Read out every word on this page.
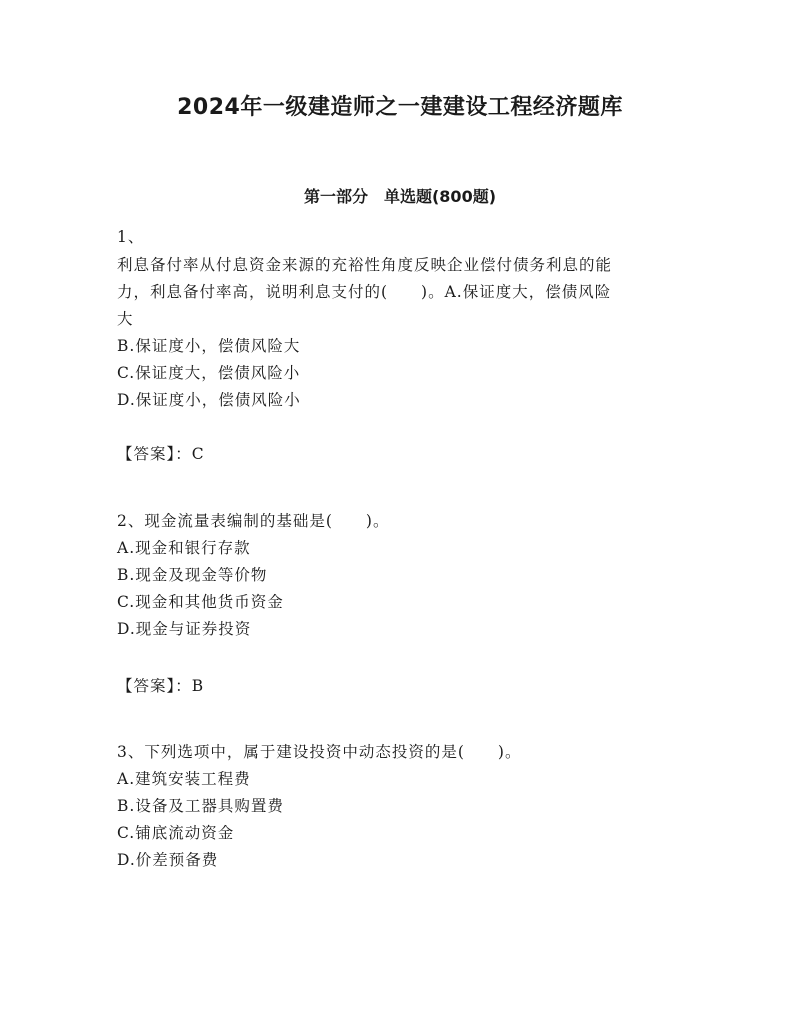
2024年一级建造师之一建建设工程经济题库
第一部分　单选题(800题)
1、
利息备付率从付息资金来源的充裕性角度反映企业偿付债务利息的能
力，利息备付率高，说明利息支付的(　　)。A.保证度大，偿债风险
大
B.保证度小，偿债风险大
C.保证度大，偿债风险小
D.保证度小，偿债风险小
【答案】：C
2、现金流量表编制的基础是(　　)。
A.现金和银行存款
B.现金及现金等价物
C.现金和其他货币资金
D.现金与证券投资
【答案】：B
3、下列选项中，属于建设投资中动态投资的是(　　)。
A.建筑安装工程费
B.设备及工器具购置费
C.铺底流动资金
D.价差预备费
